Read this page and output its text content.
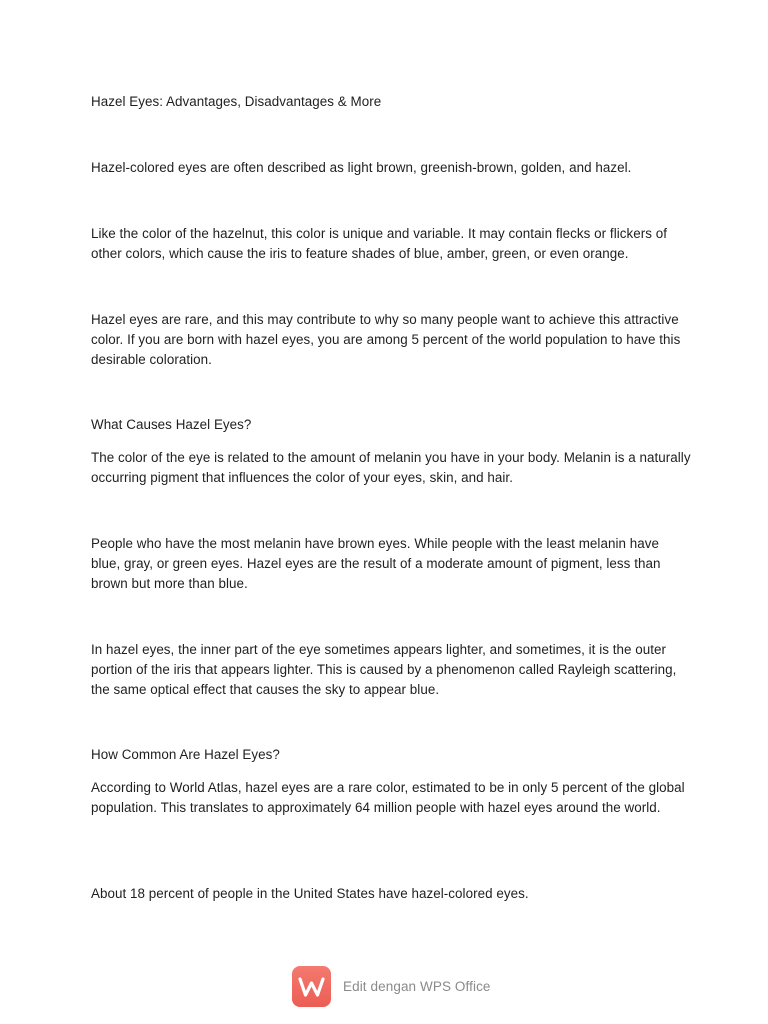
Hazel Eyes: Advantages, Disadvantages & More

Hazel-colored eyes are often described as light brown, greenish-brown, golden, and hazel.

Like the color of the hazelnut, this color is unique and variable. It may contain flecks or flickers of other colors, which cause the iris to feature shades of blue, amber, green, or even orange.

Hazel eyes are rare, and this may contribute to why so many people want to achieve this attractive color. If you are born with hazel eyes, you are among 5 percent of the world population to have this desirable coloration.

What Causes Hazel Eyes?

The color of the eye is related to the amount of melanin you have in your body. Melanin is a naturally occurring pigment that influences the color of your eyes, skin, and hair.

People who have the most melanin have brown eyes. While people with the least melanin have blue, gray, or green eyes. Hazel eyes are the result of a moderate amount of pigment, less than brown but more than blue.

In hazel eyes, the inner part of the eye sometimes appears lighter, and sometimes, it is the outer portion of the iris that appears lighter. This is caused by a phenomenon called Rayleigh scattering, the same optical effect that causes the sky to appear blue.

How Common Are Hazel Eyes?

According to World Atlas, hazel eyes are a rare color, estimated to be in only 5 percent of the global population. This translates to approximately 64 million people with hazel eyes around the world.

About 18 percent of people in the United States have hazel-colored eyes.

Edit dengan WPS Office
